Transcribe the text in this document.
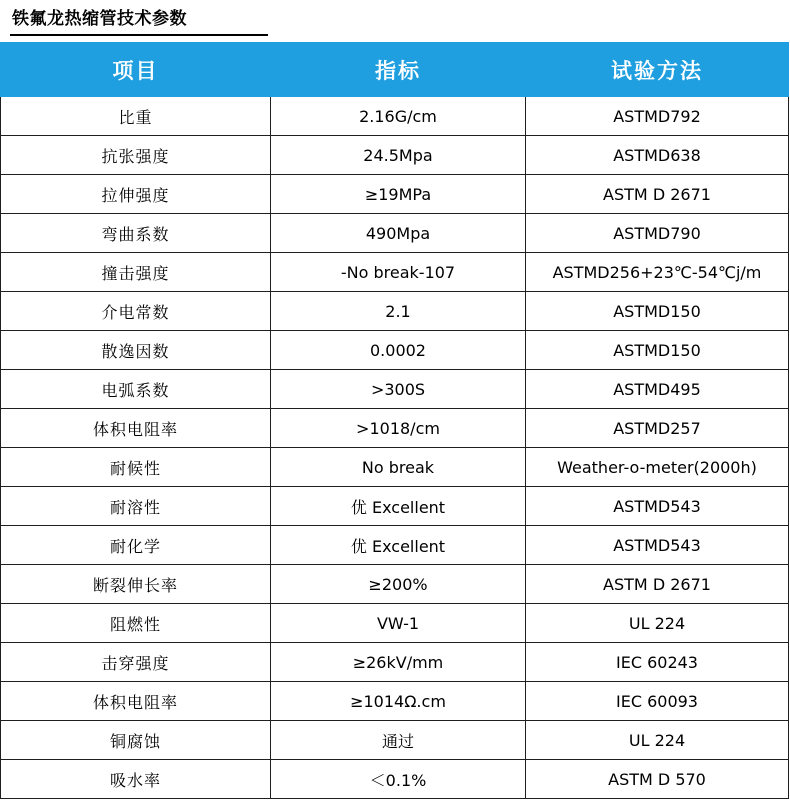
铁氟龙热缩管技术参数
项目	指标	试验方法
比重	2.16G/cm	ASTMD792
抗张强度	24.5Mpa	ASTMD638
拉伸强度	≥19MPa	ASTM D 2671
弯曲系数	490Mpa	ASTMD790
撞击强度	-No break-107	ASTMD256+23℃-54℃j/m
介电常数	2.1	ASTMD150
散逸因数	0.0002	ASTMD150
电弧系数	>300S	ASTMD495
体积电阻率	>1018/cm	ASTMD257
耐候性	No break	Weather-o-meter(2000h)
耐溶性	优 Excellent	ASTMD543
耐化学	优 Excellent	ASTMD543
断裂伸长率	≥200%	ASTM D 2671
阻燃性	VW-1	UL 224
击穿强度	≥26kV/mm	IEC 60243
体积电阻率	≥1014Ω.cm	IEC 60093
铜腐蚀	通过	UL 224
吸水率	＜0.1%	ASTM D 570
